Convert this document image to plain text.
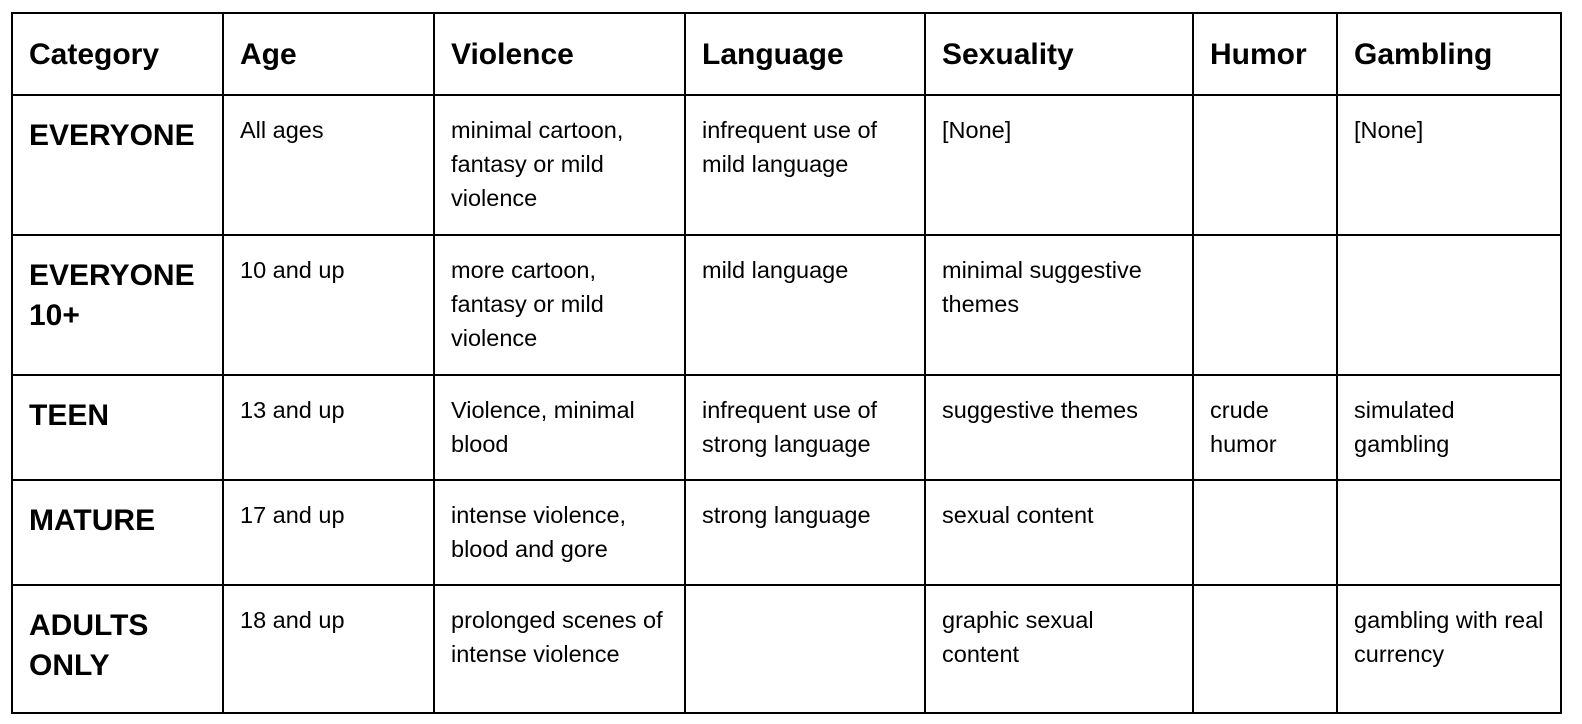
Category	Age	Violence	Language	Sexuality	Humor	Gambling
EVERYONE	All ages	minimal cartoon, fantasy or mild violence	infrequent use of mild language	[None]		[None]
EVERYONE 10+	10 and up	more cartoon, fantasy or mild violence	mild language	minimal suggestive themes		
TEEN	13 and up	Violence, minimal blood	infrequent use of strong language	suggestive themes	crude humor	simulated gambling
MATURE	17 and up	intense violence, blood and gore	strong language	sexual content		
ADULTS ONLY	18 and up	prolonged scenes of intense violence		graphic sexual content		gambling with real currency
